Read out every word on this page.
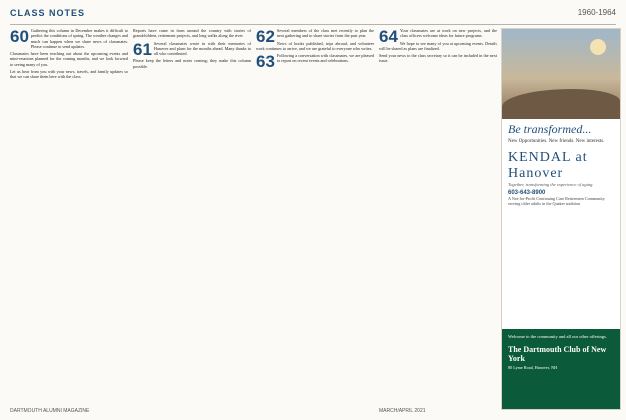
CLASS NOTES	1960-1964

60 Gathering this column in December makes it difficult to predict the conditions of spring. The weather changes and much can happen when we share news of classmates. Please continue to send updates.

Classmates have been reaching out about the upcoming events and mini-reunions planned for the coming months, and we look forward to seeing many of you.

Let us hear from you with your news, travels, and family updates so that we can share them here with the class.

Reports have come in from around the country with stories of grandchildren, retirement projects, and long walks along the river.

61 Several classmates wrote in with their memories of Hanover and plans for the months ahead. Many thanks to all who contributed.

Please keep the letters and notes coming; they make this column possible.

62 Several members of the class met recently to plan the next gathering and to share stories from the past year.

News of books published, trips abroad, and volunteer work continues to arrive, and we are grateful to everyone who writes.

63 Following a conversation with classmates, we are pleased to report on recent events and celebrations.

64 Your classmates are at work on new projects, and the class officers welcome ideas for future programs.

We hope to see many of you at upcoming events. Details will be shared as plans are finalized.

Send your news to the class secretary so it can be included in the next issue.

DARTMOUTH ALUMNI MAGAZINE	MARCH/APRIL 2021
Be transformed...
New Opportunities. New friends. New interests.
KENDAL at Hanover
Together, transforming the experience of aging.
603-643-8900
A Not-for-Profit Continuing Care Retirement Community serving older adults in the Quaker tradition
Welcome to the community and all our other offerings.
The Dartmouth Club of New York
80 Lyme Road, Hanover, NH
